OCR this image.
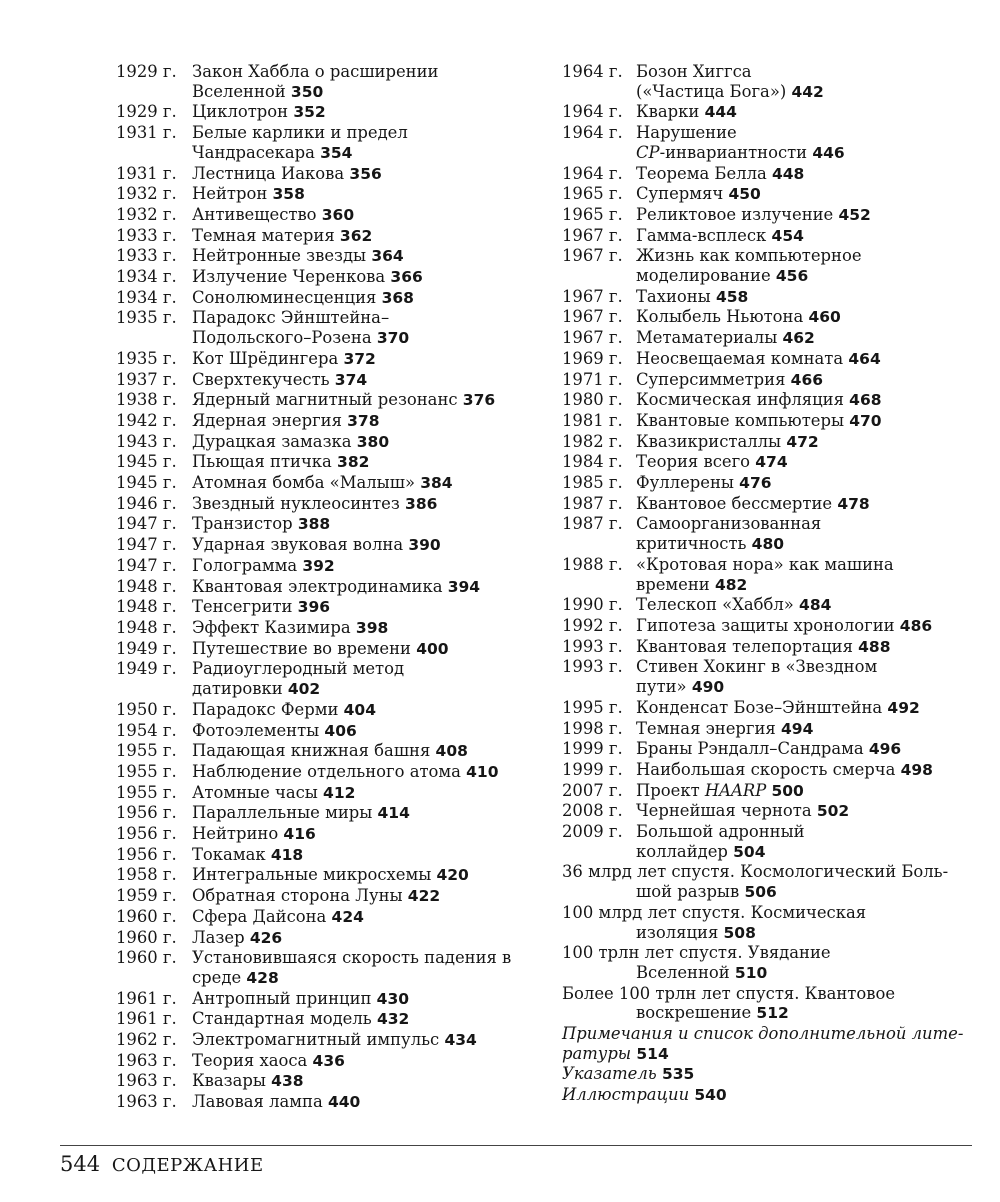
1929 г. Закон Хаббла о расширении
Вселенной 350
1929 г. Циклотрон 352
1931 г. Белые карлики и предел
Чандрасекара 354
1931 г. Лестница Иакова 356
1932 г. Нейтрон 358
1932 г. Антивещество 360
1933 г. Темная материя 362
1933 г. Нейтронные звезды 364
1934 г. Излучение Черенкова 366
1934 г. Сонолюминесценция 368
1935 г. Парадокс Эйнштейна–
Подольского–Розена 370
1935 г. Кот Шрёдингера 372
1937 г. Сверхтекучесть 374
1938 г. Ядерный магнитный резонанс 376
1942 г. Ядерная энергия 378
1943 г. Дурацкая замазка 380
1945 г. Пьющая птичка 382
1945 г. Атомная бомба «Малыш» 384
1946 г. Звездный нуклеосинтез 386
1947 г. Транзистор 388
1947 г. Ударная звуковая волна 390
1947 г. Голограмма 392
1948 г. Квантовая электродинамика 394
1948 г. Тенсегрити 396
1948 г. Эффект Казимира 398
1949 г. Путешествие во времени 400
1949 г. Радиоуглеродный метод
датировки 402
1950 г. Парадокс Ферми 404
1954 г. Фотоэлементы 406
1955 г. Падающая книжная башня 408
1955 г. Наблюдение отдельного атома 410
1955 г. Атомные часы 412
1956 г. Параллельные миры 414
1956 г. Нейтрино 416
1956 г. Токамак 418
1958 г. Интегральные микросхемы 420
1959 г. Обратная сторона Луны 422
1960 г. Сфера Дайсона 424
1960 г. Лазер 426
1960 г. Установившаяся скорость падения в
среде 428
1961 г. Антропный принцип 430
1961 г. Стандартная модель 432
1962 г. Электромагнитный импульс 434
1963 г. Теория хаоса 436
1963 г. Квазары 438
1963 г. Лавовая лампа 440
1964 г. Бозон Хиггса
(«Частица Бога») 442
1964 г. Кварки 444
1964 г. Нарушение
CP-инвариантности 446
1964 г. Теорема Белла 448
1965 г. Супермяч 450
1965 г. Реликтовое излучение 452
1967 г. Гамма-всплеск 454
1967 г. Жизнь как компьютерное
моделирование 456
1967 г. Тахионы 458
1967 г. Колыбель Ньютона 460
1967 г. Метаматериалы 462
1969 г. Неосвещаемая комната 464
1971 г. Суперсимметрия 466
1980 г. Космическая инфляция 468
1981 г. Квантовые компьютеры 470
1982 г. Квазикристаллы 472
1984 г. Теория всего 474
1985 г. Фуллерены 476
1987 г. Квантовое бессмертие 478
1987 г. Самоорганизованная
критичность 480
1988 г. «Кротовая нора» как машина
времени 482
1990 г. Телескоп «Хаббл» 484
1992 г. Гипотеза защиты хронологии 486
1993 г. Квантовая телепортация 488
1993 г. Стивен Хокинг в «Звездном
пути» 490
1995 г. Конденсат Бозе–Эйнштейна 492
1998 г. Темная энергия 494
1999 г. Браны Рэндалл–Сандрама 496
1999 г. Наибольшая скорость смерча 498
2007 г. Проект HAARP 500
2008 г. Чернейшая чернота 502
2009 г. Большой адронный
коллайдер 504
36 млрд лет спустя. Космологический Боль-
шой разрыв 506
100 млрд лет спустя. Космическая
изоляция 508
100 трлн лет спустя. Увядание
Вселенной 510
Более 100 трлн лет спустя. Квантовое
воскрешение 512
Примечания и список дополнительной лите-
ратуры 514
Указатель 535
Иллюстрации 540
544 СОДЕРЖАНИЕ
